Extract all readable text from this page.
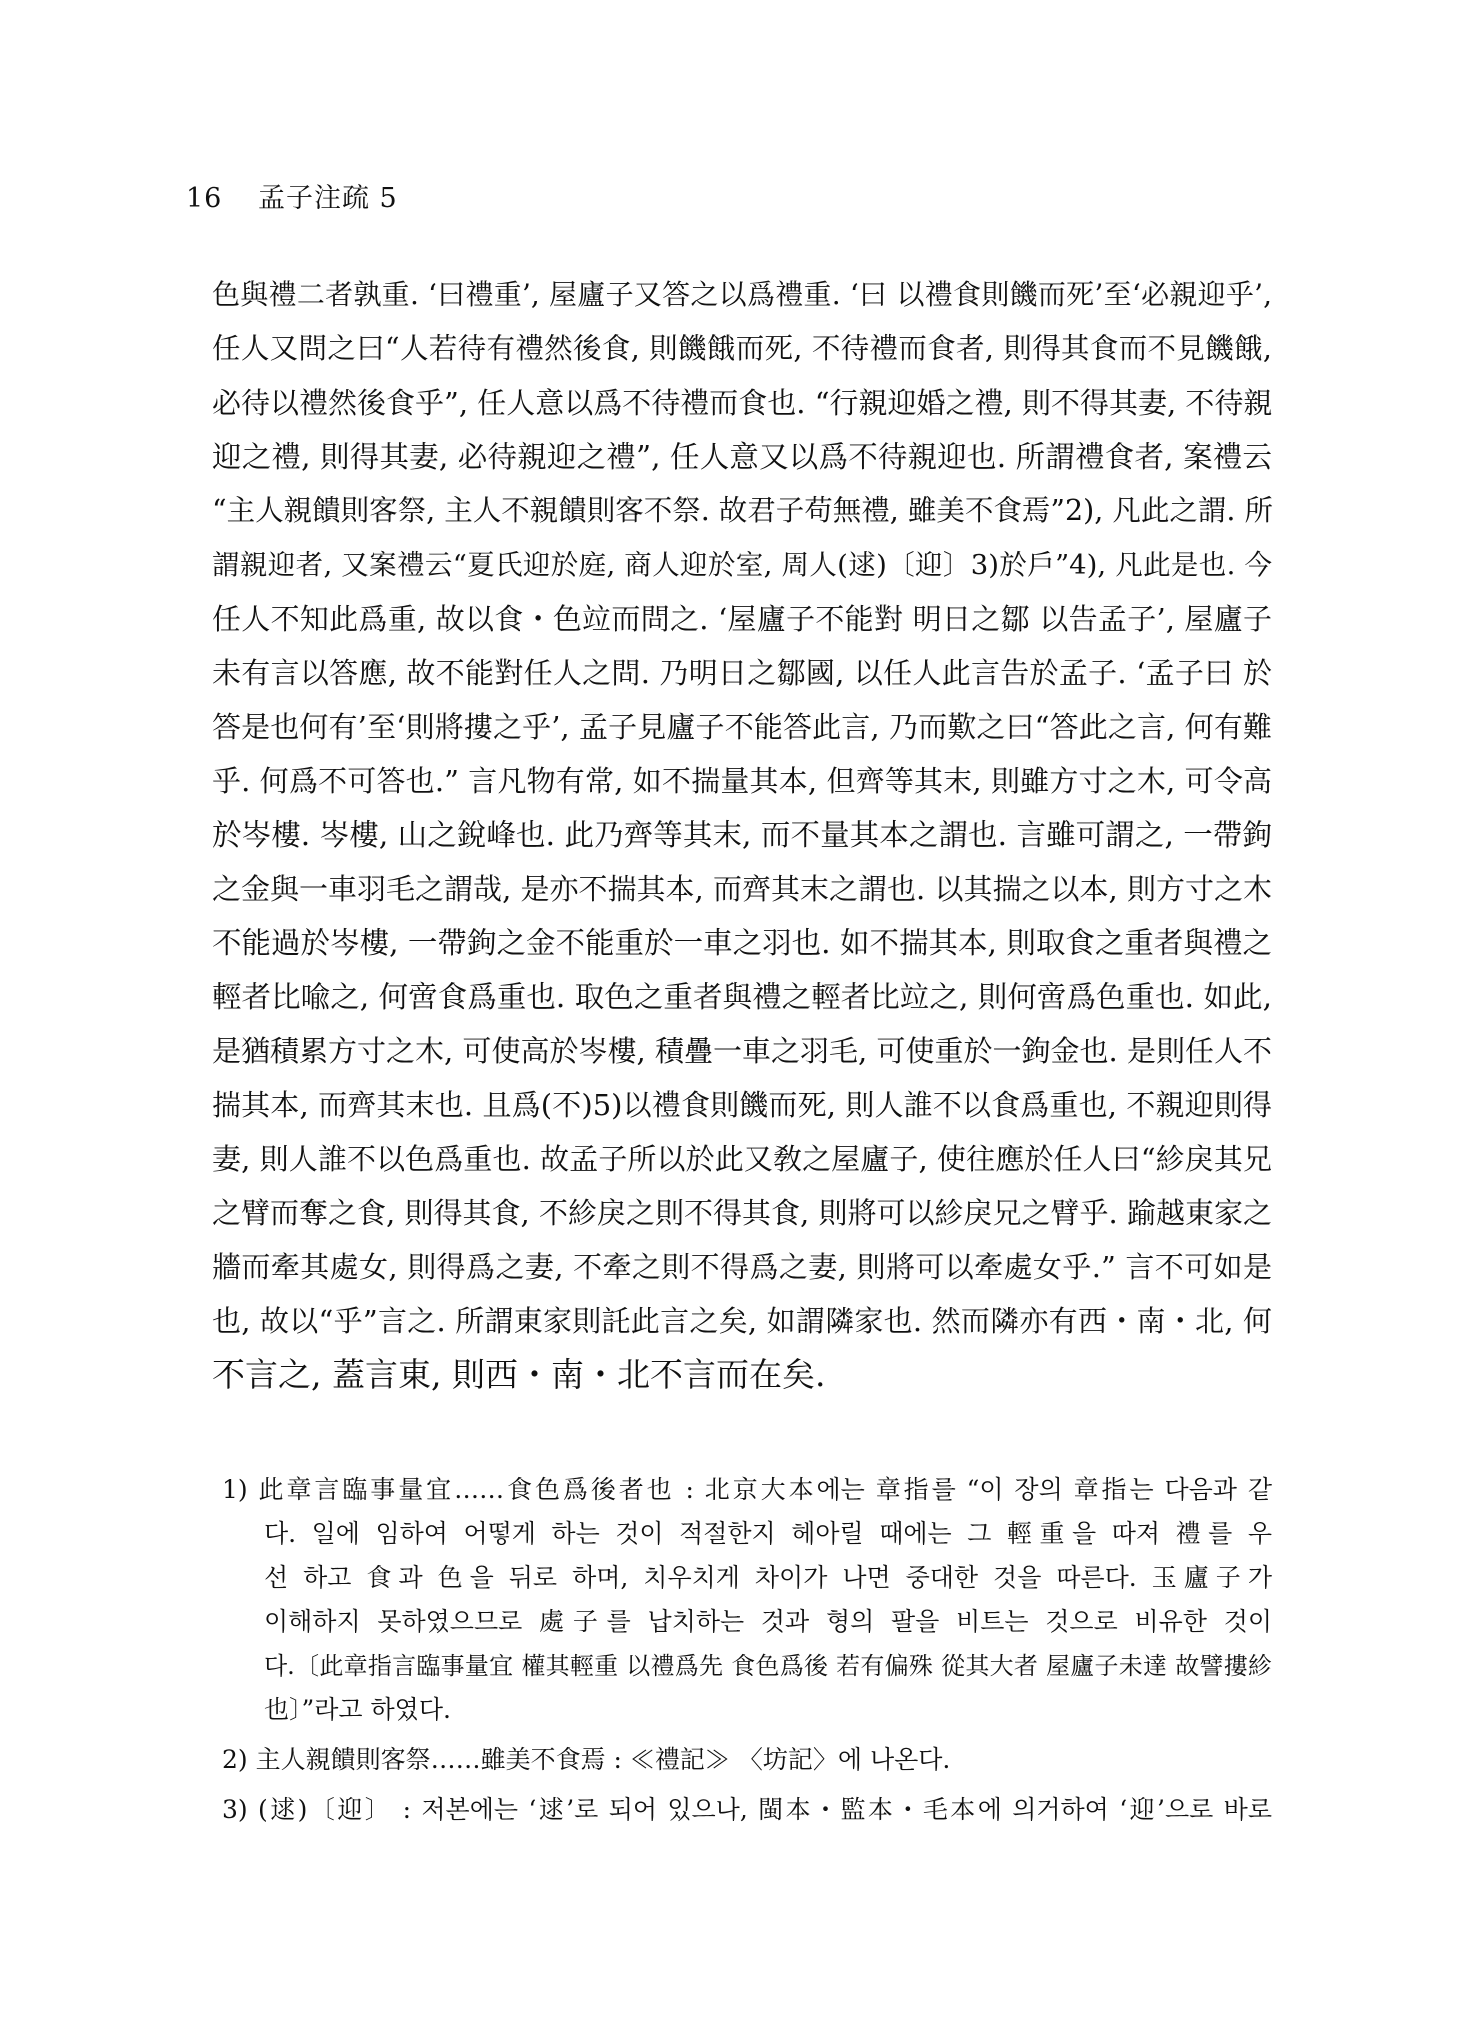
16 孟子注疏 5
色與禮二者孰重. ‘曰禮重’, 屋廬子又答之以爲禮重. ‘曰 以禮食則饑而死’至‘必親迎乎’,
任人又問之曰“人若待有禮然後食, 則饑餓而死, 不待禮而食者, 則得其食而不見饑餓,
必待以禮然後食乎”, 任人意以爲不待禮而食也. “行親迎婚之禮, 則不得其妻, 不待親
迎之禮, 則得其妻, 必待親迎之禮”, 任人意又以爲不待親迎也. 所謂禮食者, 案禮云
“主人親饋則客祭, 主人不親饋則客不祭. 故君子苟無禮, 雖美不食焉”2), 凡此之謂. 所
謂親迎者, 又案禮云“夏氏迎於庭, 商人迎於室, 周人(逑)〔迎〕3)於戶”4), 凡此是也. 今
任人不知此爲重, 故以食・色竝而問之. ‘屋廬子不能對 明日之鄒 以告孟子’, 屋廬子
未有言以答應, 故不能對任人之問. 乃明日之鄒國, 以任人此言告於孟子. ‘孟子曰 於
答是也何有’至‘則將摟之乎’, 孟子見廬子不能答此言, 乃而歎之曰“答此之言, 何有難
乎. 何爲不可答也.” 言凡物有常, 如不揣量其本, 但齊等其末, 則雖方寸之木, 可令高
於岑樓. 岑樓, 山之銳峰也. 此乃齊等其末, 而不量其本之謂也. 言雖可謂之, 一帶鉤
之金與一車羽毛之謂哉, 是亦不揣其本, 而齊其末之謂也. 以其揣之以本, 則方寸之木
不能過於岑樓, 一帶鉤之金不能重於一車之羽也. 如不揣其本, 則取食之重者與禮之
輕者比喩之, 何啻食爲重也. 取色之重者與禮之輕者比竝之, 則何啻爲色重也. 如此,
是猶積累方寸之木, 可使高於岑樓, 積疊一車之羽毛, 可使重於一鉤金也. 是則任人不
揣其本, 而齊其末也. 且爲(不)5)以禮食則饑而死, 則人誰不以食爲重也, 不親迎則得
妻, 則人誰不以色爲重也. 故孟子所以於此又敎之屋廬子, 使往應於任人曰“紾戾其兄
之臂而奪之食, 則得其食, 不紾戾之則不得其食, 則將可以紾戾兄之臂乎. 踰越東家之
牆而牽其處女, 則得爲之妻, 不牽之則不得爲之妻, 則將可以牽處女乎.” 言不可如是
也, 故以“乎”言之. 所謂東家則託此言之矣, 如謂隣家也. 然而隣亦有西・南・北, 何
不言之, 蓋言東, 則西・南・北不言而在矣.
1) 此章言臨事量宜……食色爲後者也 : 北京大本에는 章指를 “이 장의 章指는 다음과 같
다. 일에 임하여 어떻게 하는 것이 적절한지 헤아릴 때에는 그 輕重을 따져 禮를 우
선 하고 食과 色을 뒤로 하며, 치우치게 차이가 나면 중대한 것을 따른다. 玉廬子가
이해하지 못하였으므로 處子를 납치하는 것과 형의 팔을 비트는 것으로 비유한 것이
다.〔此章指言臨事量宜 權其輕重 以禮爲先 食色爲後 若有偏殊 從其大者 屋廬子未達 故譬摟紾
也〕”라고 하였다.
2) 主人親饋則客祭……雖美不食焉 : ≪禮記≫ 〈坊記〉에 나온다.
3) (逑)〔迎〕 : 저본에는 ‘逑’로 되어 있으나, 閩本・監本・毛本에 의거하여 ‘迎’으로 바로
